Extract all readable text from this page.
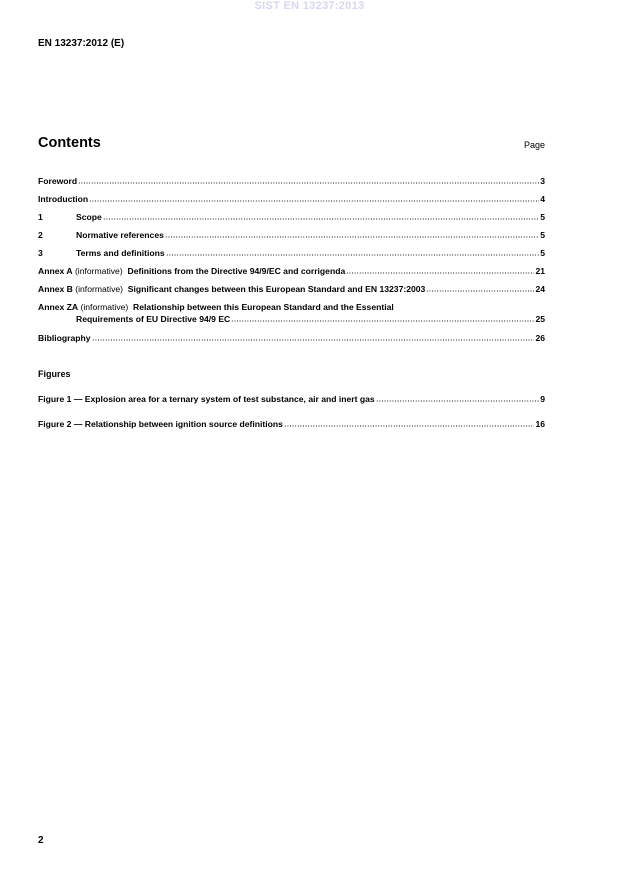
SIST EN 13237:2013
EN 13237:2012 (E)
Contents	Page
Foreword	3
Introduction	4
1	Scope	5
2	Normative references	5
3	Terms and definitions	5
Annex A
(informative)
Definitions from the Directive 94/9/EC and corrigenda	21
Annex B
(informative)
Significant changes between this European Standard and EN 13237:2003	24
Annex ZA (informative) Relationship between this European Standard and the Essential
Requirements of EU Directive 94/9 EC	25
Bibliography	26
Figures
Figure 1 — Explosion area for a ternary system of test substance, air and inert gas	9
Figure 2 — Relationship between ignition source definitions	16
2
